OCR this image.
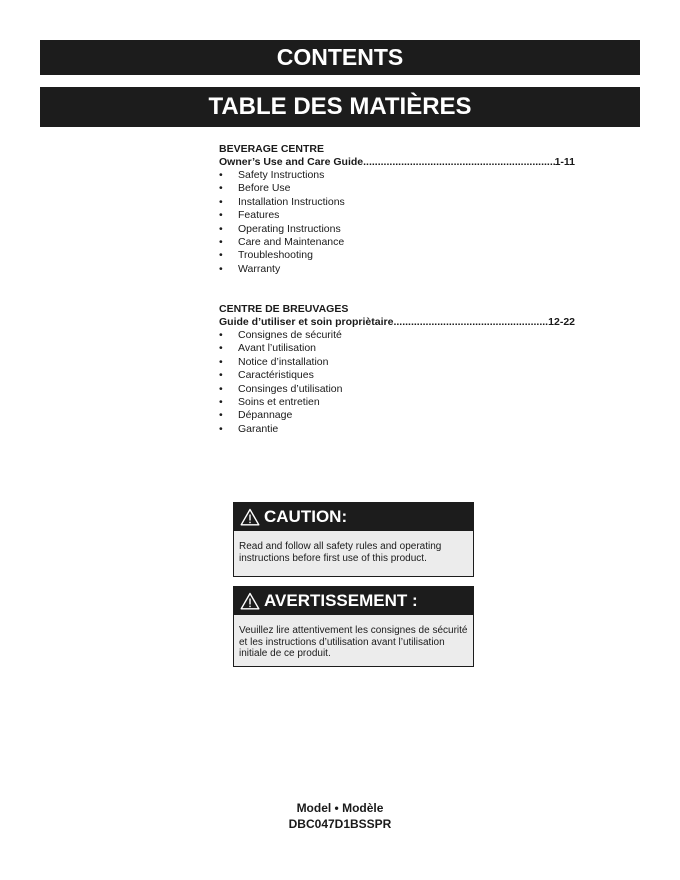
CONTENTS
TABLE DES MATIÈRES
BEVERAGE CENTRE
Owner’s Use and Care Guide .....	1-11
• Safety Instructions
• Before Use
• Installation Instructions
• Features
• Operating Instructions
• Care and Maintenance
• Troubleshooting
• Warranty
CENTRE DE BREUVAGES
Guide d’utiliser et soin propriètaire .....	12-22
• Consignes de sécurité
• Avant l’utilisation
• Notice d’installation
• Caractéristiques
• Consinges d’utilisation
• Soins et entretien
• Dépannage
• Garantie
CAUTION:
Read and follow all safety rules and operating instructions before first use of this product.
AVERTISSEMENT :
Veuillez lire attentivement les consignes de sécurité et les instructions d’utilisation avant l’utilisation initiale de ce produit.
Model • Modèle
DBC047D1BSSPR
